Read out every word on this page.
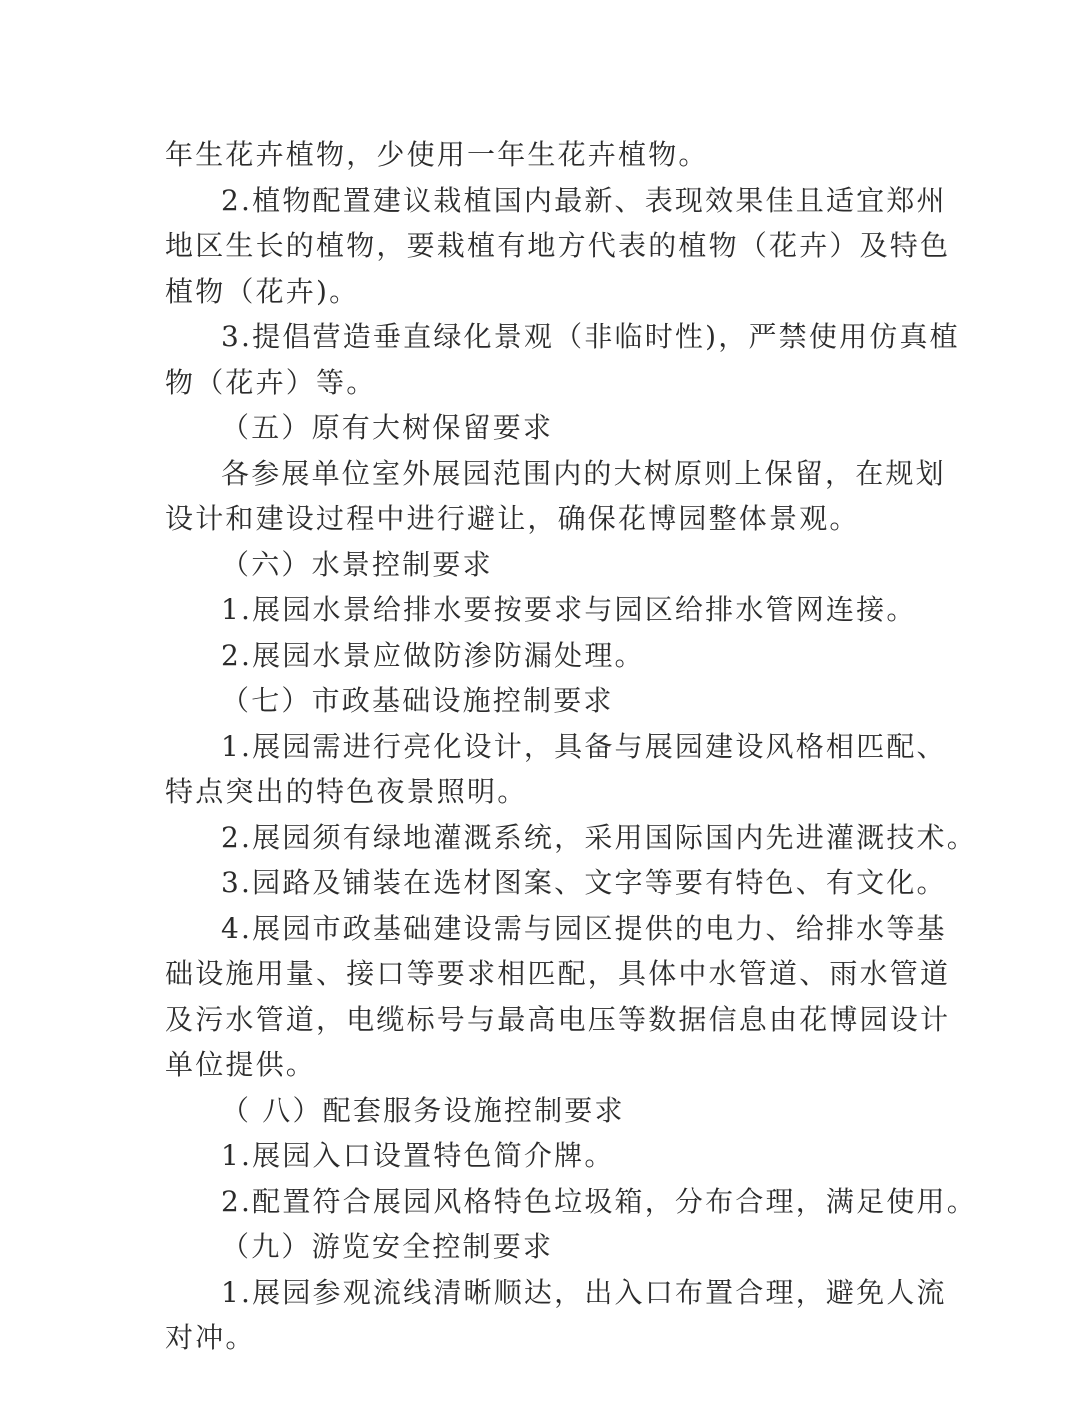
年生花卉植物，少使用一年生花卉植物。
2.植物配置建议栽植国内最新、表现效果佳且适宜郑州
地区生长的植物，要栽植有地方代表的植物（花卉）及特色
植物（花卉)。
3.提倡营造垂直绿化景观（非临时性)，严禁使用仿真植
物（花卉）等。
（五）原有大树保留要求
各参展单位室外展园范围内的大树原则上保留，在规划
设计和建设过程中进行避让，确保花博园整体景观。
（六）水景控制要求
1.展园水景给排水要按要求与园区给排水管网连接。
2.展园水景应做防渗防漏处理。
（七）市政基础设施控制要求
1.展园需进行亮化设计，具备与展园建设风格相匹配、
特点突出的特色夜景照明。
2.展园须有绿地灌溉系统，采用国际国内先进灌溉技术。
3.园路及铺装在选材图案、文字等要有特色、有文化。
4.展园市政基础建设需与园区提供的电力、给排水等基
础设施用量、接口等要求相匹配，具体中水管道、雨水管道
及污水管道，电缆标号与最高电压等数据信息由花博园设计
单位提供。
（ 八）配套服务设施控制要求
1.展园入口设置特色简介牌。
2.配置符合展园风格特色垃圾箱，分布合理，满足使用。
（九）游览安全控制要求
1.展园参观流线清晰顺达，出入口布置合理，避免人流
对冲。
